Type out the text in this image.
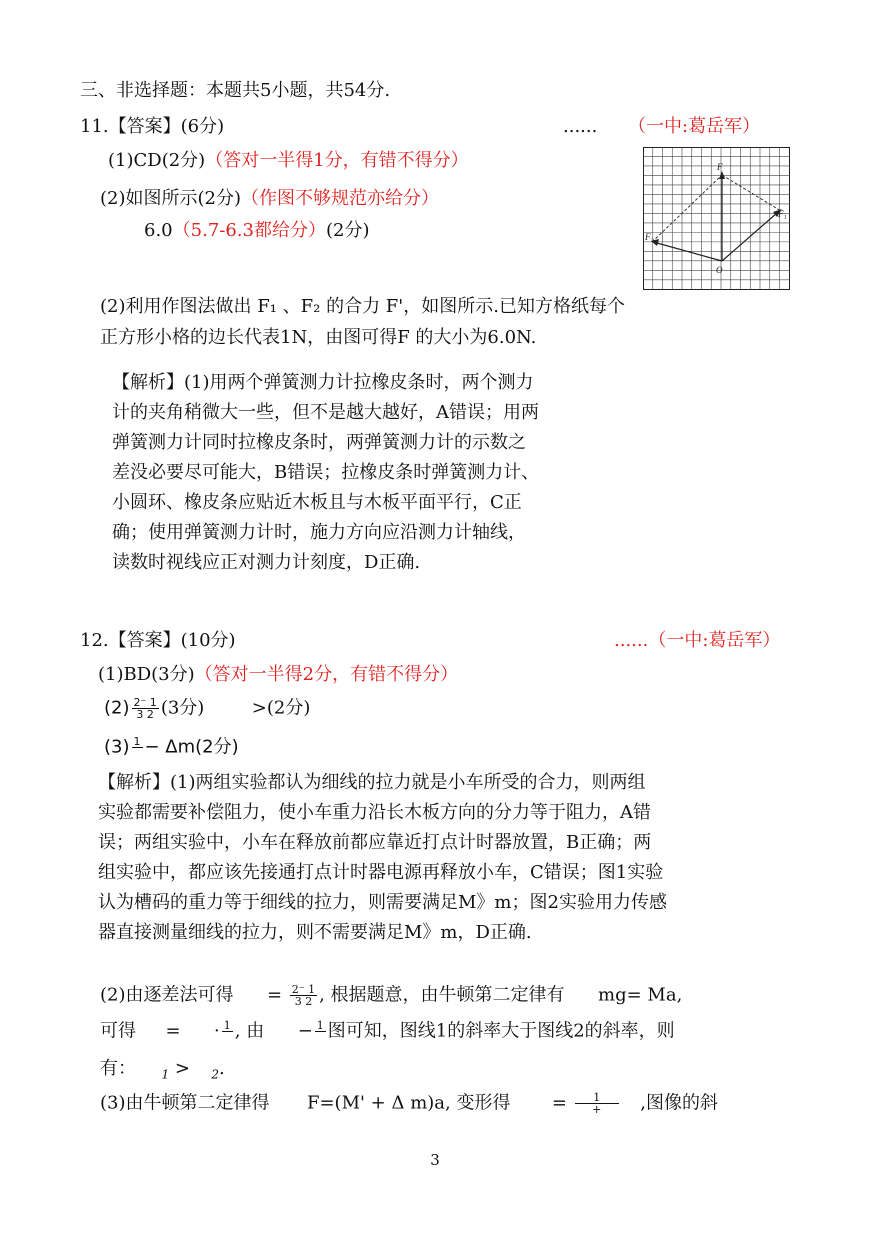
三、非选择题：本题共5小题，共54分.
11.【答案】(6分)	...... （一中:葛岳军）
(1)CD(2分)（答对一半得1分，有错不得分）
(2)如图所示(2分)（作图不够规范亦给分）
6.0（5.7-6.3都给分）(2分)
F
F₁
F₂
O
(2)利用作图法做出 F₁ 、F₂ 的合力 F'，如图所示.已知方格纸每个
正方形小格的边长代表1N，由图可得F 的大小为6.0N.
【解析】(1)用两个弹簧测力计拉橡皮条时，两个测力
计的夹角稍微大一些，但不是越大越好，A错误；用两
弹簧测力计同时拉橡皮条时，两弹簧测力计的示数之
差没必要尽可能大，B错误；拉橡皮条时弹簧测力计、
小圆环、橡皮条应贴近木板且与木板平面平行，C正
确；使用弹簧测力计时，施力方向应沿测力计轴线，
读数时视线应正对测力计刻度，D正确.
12.【答案】(10分)	......（一中:葛岳军）
(1)BD(3分)（答对一半得2分，有错不得分）
$(2) \frac{2^- 1}{3 2} (3$分)	>(2分)
(3) 1
− Δm(2分)
【解析】(1)两组实验都认为细线的拉力就是小车所受的合力，则两组
实验都需要补偿阻力，使小车重力沿长木板方向的分力等于阻力，A错
误；两组实验中，小车在释放前都应靠近打点计时器放置，B正确；两
组实验中，都应该先接通打点计时器电源再释放小车，C错误；图1实验
认为槽码的重力等于细线的拉力，则需要满足M》m；图2实验用力传感
器直接测量细线的拉力，则不需要满足M》m，D正确.
(2)由逐差法可得 = $\frac{2^- 1}{3 2}$ , 根据题意，由牛顿第二定律有 mg= Ma,
可得 = · 1
, 由 − 1
图可知，图线1的斜率大于图线2的斜率，则
有： $_1$ > $_2$.
(3)由牛顿第二定律得 F=(M' + Δ m)a, 变形得 = $\frac{1}{+}$ ,图像的斜
3
